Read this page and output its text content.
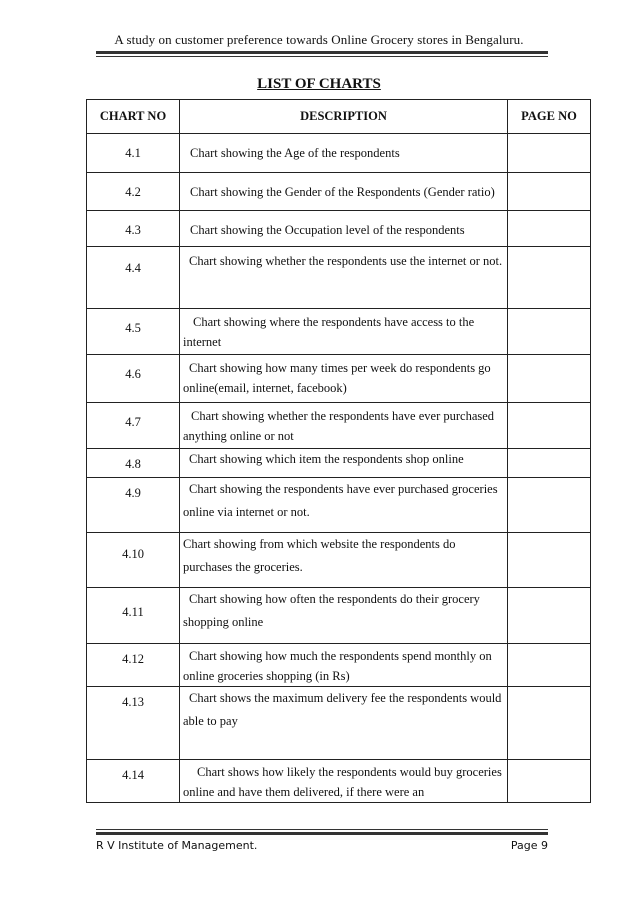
A study on customer preference towards Online Grocery stores in Bengaluru.
LIST OF CHARTS
CHART NO	DESCRIPTION	PAGE NO
4.1	Chart showing the Age of the respondents	
4.2	Chart showing the Gender of the Respondents (Gender ratio)	
4.3	Chart showing the Occupation level of the respondents	
4.4	Chart showing whether the respondents use the internet or not.	
4.5	Chart showing where the respondents have access to the internet	
4.6	Chart showing how many times per week do respondents go online(email, internet, facebook)	
4.7	Chart showing whether the respondents have ever purchased anything online or not	
4.8	Chart showing which item the respondents shop online	
4.9	Chart showing the respondents have ever purchased groceries online via internet or not.	
4.10	Chart showing from which website the respondents do purchases the groceries.	
4.11	Chart showing how often the respondents do their grocery shopping online	
4.12	Chart showing how much the respondents spend monthly on online groceries shopping (in Rs)	
4.13	Chart shows the maximum delivery fee the respondents would able to pay	
4.14	Chart shows how likely the respondents would buy groceries online and have them delivered, if there were an	
R V Institute of Management.	Page 9
